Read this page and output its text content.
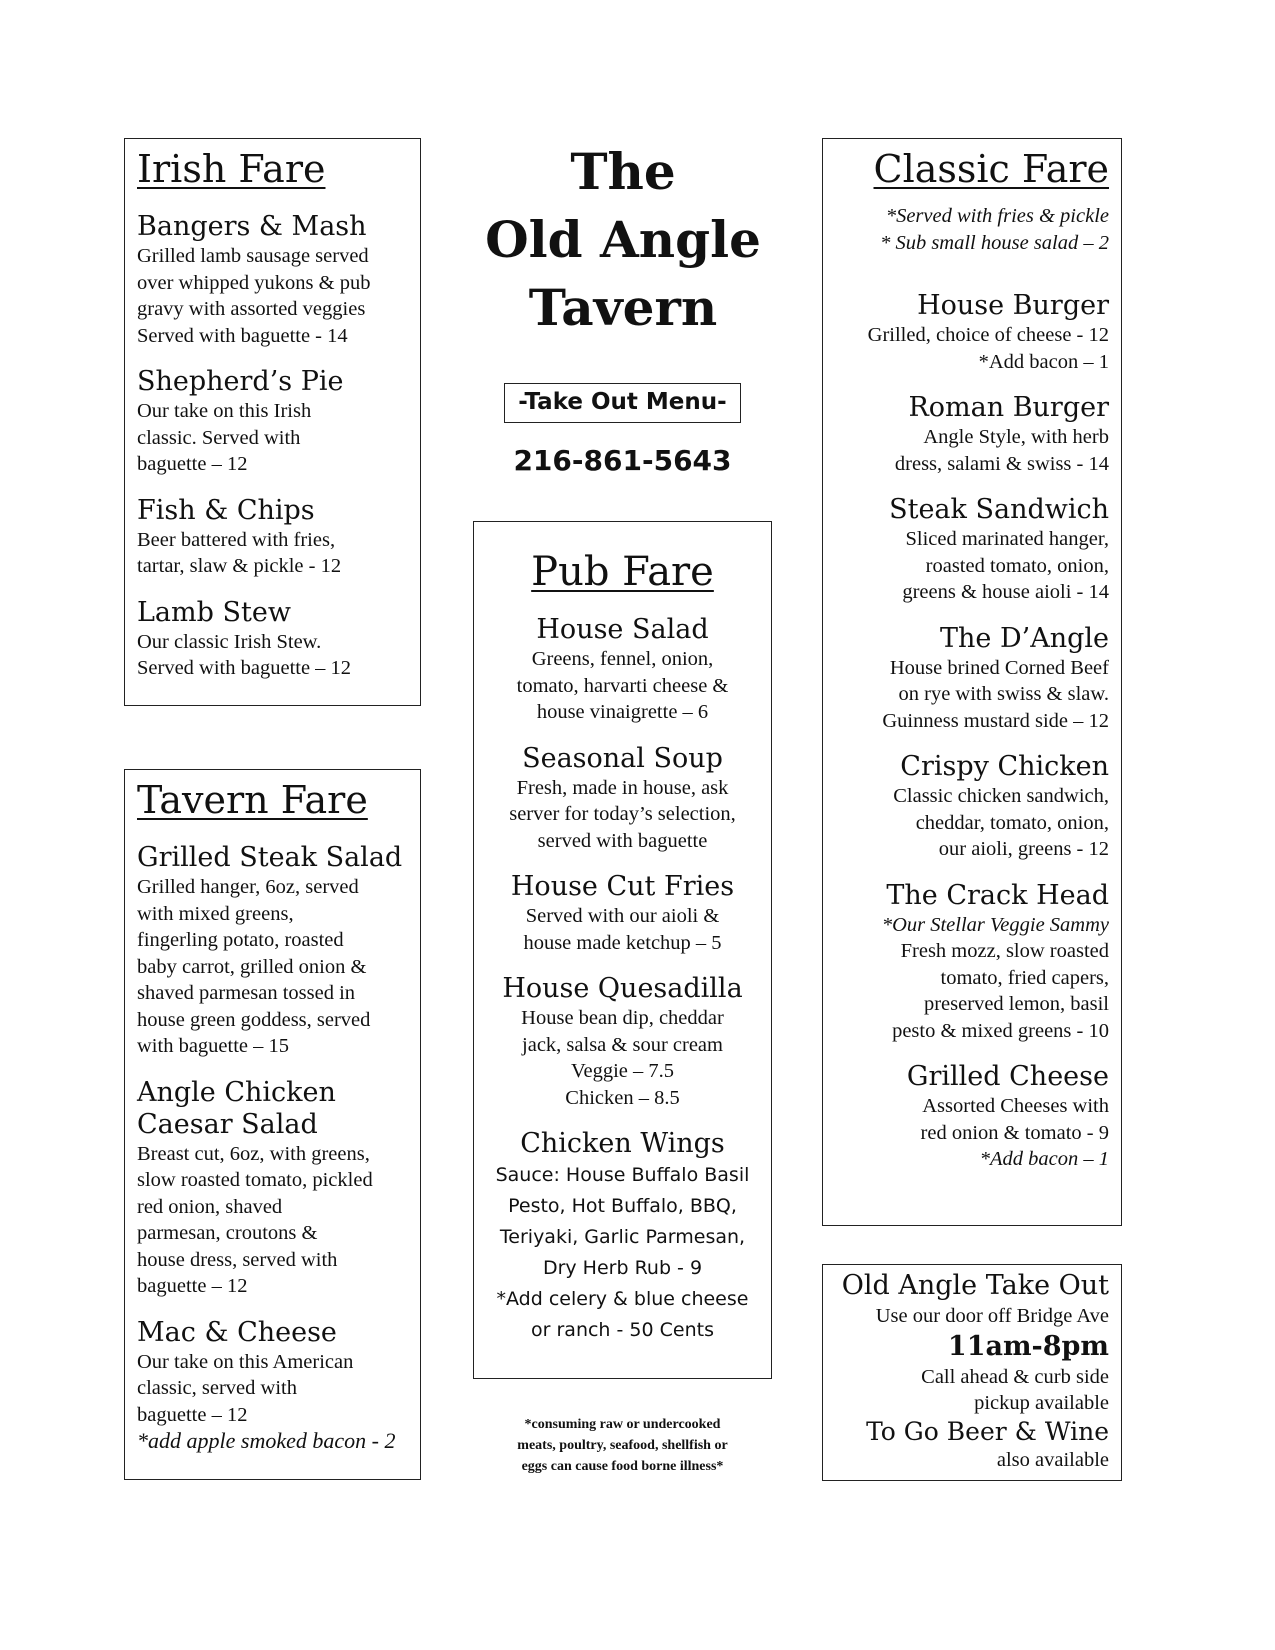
Irish Fare
Bangers & Mash
Grilled lamb sausage served
over whipped yukons & pub
gravy with assorted veggies
Served with baguette - 14
Shepherd’s Pie
Our take on this Irish
classic. Served with
baguette – 12
Fish & Chips
Beer battered with fries,
tartar, slaw & pickle - 12
Lamb Stew
Our classic Irish Stew.
Served with baguette – 12
Tavern Fare
Grilled Steak Salad
Grilled hanger, 6oz, served
with mixed greens,
fingerling potato, roasted
baby carrot, grilled onion &
shaved parmesan tossed in
house green goddess, served
with baguette – 15
Angle Chicken
Caesar Salad
Breast cut, 6oz, with greens,
slow roasted tomato, pickled
red onion, shaved
parmesan, croutons &
house dress, served with
baguette – 12
Mac & Cheese
Our take on this American
classic, served with
baguette – 12
*add apple smoked bacon - 2
The
Old Angle
Tavern
-Take Out Menu-
216-861-5643
Pub Fare
House Salad
Greens, fennel, onion,
tomato, harvarti cheese &
house vinaigrette – 6
Seasonal Soup
Fresh, made in house, ask
server for today’s selection,
served with baguette
House Cut Fries
Served with our aioli &
house made ketchup – 5
House Quesadilla
House bean dip, cheddar
jack, salsa & sour cream
Veggie – 7.5
Chicken – 8.5
Chicken Wings
Sauce: House Buffalo Basil
Pesto, Hot Buffalo, BBQ,
Teriyaki, Garlic Parmesan,
Dry Herb Rub - 9
*Add celery & blue cheese
or ranch - 50 Cents
*consuming raw or undercooked
meats, poultry, seafood, shellfish or
eggs can cause food borne illness*
Classic Fare
*Served with fries & pickle
* Sub small house salad – 2
House Burger
Grilled, choice of cheese - 12
*Add bacon – 1
Roman Burger
Angle Style, with herb
dress, salami & swiss - 14
Steak Sandwich
Sliced marinated hanger,
roasted tomato, onion,
greens & house aioli - 14
The D’Angle
House brined Corned Beef
on rye with swiss & slaw.
Guinness mustard side – 12
Crispy Chicken
Classic chicken sandwich,
cheddar, tomato, onion,
our aioli, greens - 12
The Crack Head
*Our Stellar Veggie Sammy
Fresh mozz, slow roasted
tomato, fried capers,
preserved lemon, basil
pesto & mixed greens - 10
Grilled Cheese
Assorted Cheeses with
red onion & tomato - 9
*Add bacon – 1
Old Angle Take Out
Use our door off Bridge Ave
11am-8pm
Call ahead & curb side
pickup available
To Go Beer & Wine
also available
